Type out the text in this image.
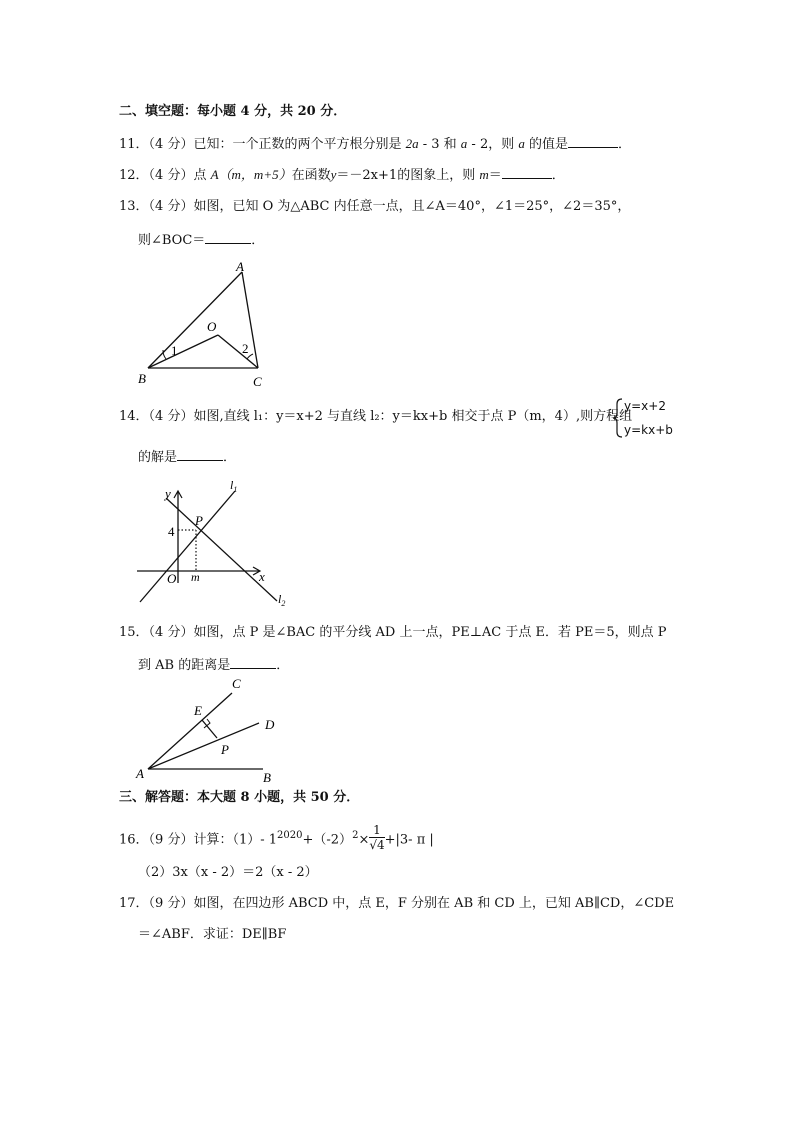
二、填空题：每小题 4 分，共 20 分．
11．（4 分）已知：一个正数的两个平方根分别是 2a - 3 和 a - 2，则 a 的值是	．
12．（4 分）点 A（m，m+5）在函数y＝－2x+1的图象上，则 m＝	．
13．（4 分）如图，已知 O 为△ABC 内任意一点，且∠A＝40°，∠1＝25°，∠2＝35°，
则∠BOC＝	．
A
O
B	C
1	2
14．（4 分）如图,直线 l₁：y＝x+2 与直线 l₂：y＝kx+b 相交于点 P（m，4）,则方程组
y=x+2
y=kx+b
的解是	．
y
x
4
P
O m
$l_1$
$l_2$
15．（4 分）如图，点 P 是∠BAC 的平分线 AD 上一点，PE⊥AC 于点 E．若 PE＝5，则点 P
到 AB 的距离是	．
C
E
D
P
A	B
三、解答题：本大题 8 小题，共 50 分．
16．（9 分）计算：（1）- $1^{2020}+(-2)^2\times \frac{1}{√4} +|3-$ π |
（2）3x（x - 2）＝2（x - 2）
17．（9 分）如图，在四边形 ABCD 中，点 E，F 分别在 AB 和 CD 上，已知 AB∥CD，∠CDE
＝∠ABF．求证：DE∥BF
